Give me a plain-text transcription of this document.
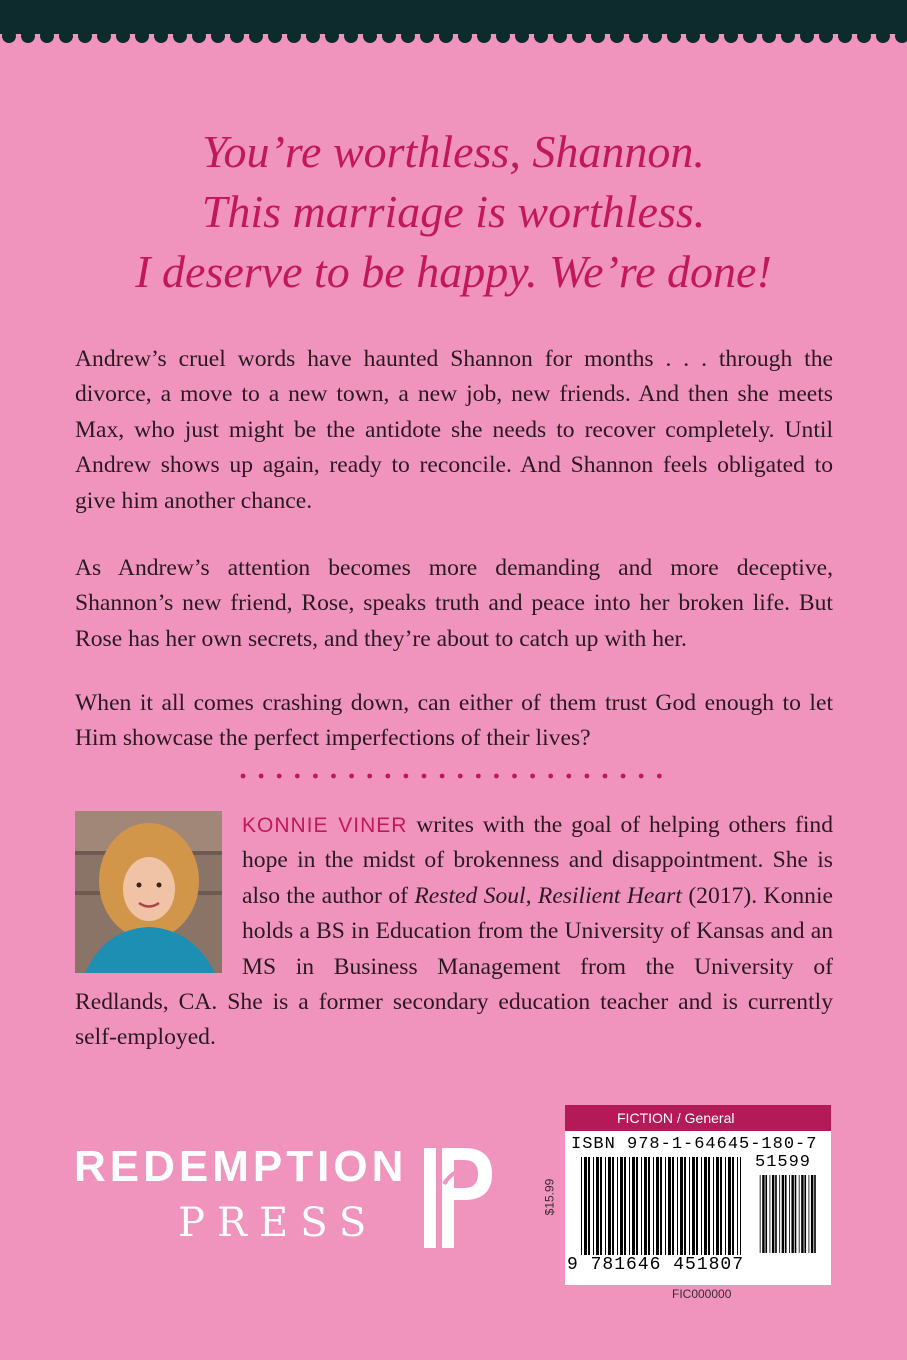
You’re worthless, Shannon.
This marriage is worthless.
I deserve to be happy. We’re done!

Andrew’s cruel words have haunted Shannon for months . . . through the divorce, a move to a new town, a new job, new friends. And then she meets Max, who just might be the antidote she needs to recover completely. Until Andrew shows up again, ready to reconcile. And Shannon feels obligated to give him another chance.

As Andrew’s attention becomes more demanding and more deceptive, Shannon’s new friend, Rose, speaks truth and peace into her broken life. But Rose has her own secrets, and they’re about to catch up with her.

When it all comes crashing down, can either of them trust God enough to let Him showcase the perfect imperfections of their lives?

KONNIE VINER writes with the goal of helping others find hope in the midst of brokenness and disappointment. She is also the author of Rested Soul, Resilient Heart (2017). Konnie holds a BS in Education from the University of Kansas and an MS in Business Management from the University of Redlands, CA. She is a former secondary education teacher and is currently self-employed.

REDEMPTION
PRESS
$15.99
FICTION / General
ISBN 978-1-64645-180-7
51599
9 781646 451807
FIC000000
